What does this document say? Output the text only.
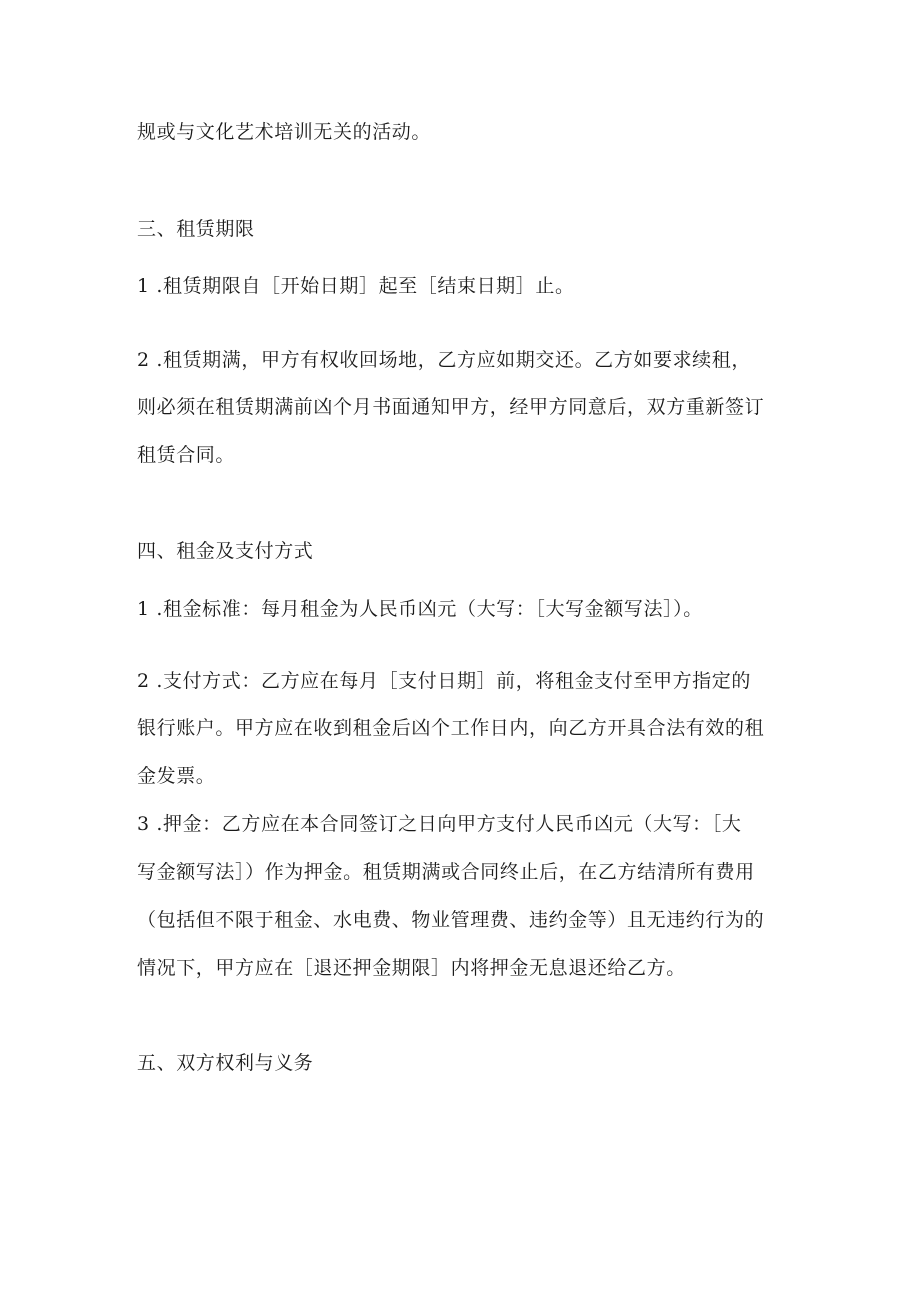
规或与文化艺术培训无关的活动。
三、租赁期限
1 .租赁期限自［开始日期］起至［结束日期］止。
2 .租赁期满，甲方有权收回场地，乙方应如期交还。乙方如要求续租，
则必须在租赁期满前凶个月书面通知甲方，经甲方同意后，双方重新签订
租赁合同。
四、租金及支付方式
1 .租金标准：每月租金为人民币凶元（大写：［大写金额写法］）。
2 .支付方式：乙方应在每月［支付日期］前，将租金支付至甲方指定的
银行账户。甲方应在收到租金后凶个工作日内，向乙方开具合法有效的租
金发票。
3 .押金：乙方应在本合同签订之日向甲方支付人民币凶元（大写：［大
写金额写法］）作为押金。租赁期满或合同终止后，在乙方结清所有费用
（包括但不限于租金、水电费、物业管理费、违约金等）且无违约行为的
情况下，甲方应在［退还押金期限］内将押金无息退还给乙方。
五、双方权利与义务
